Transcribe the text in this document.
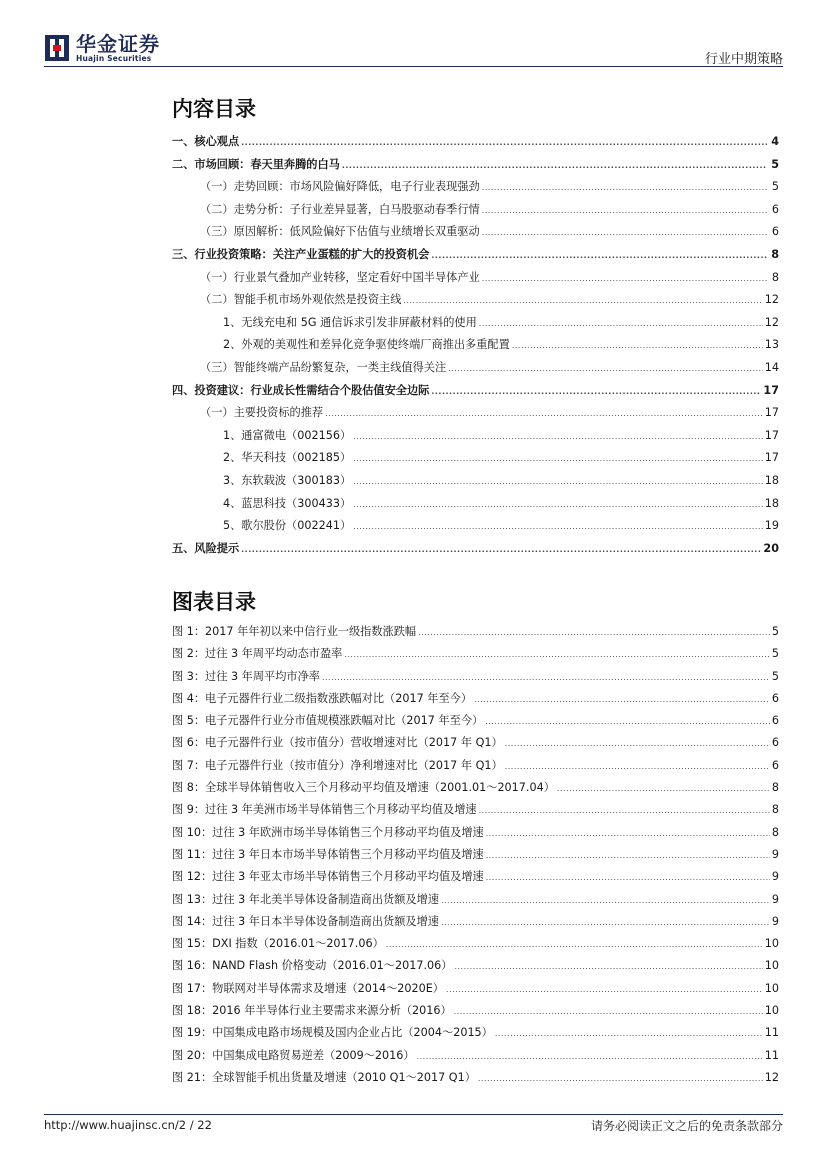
华金证券
Huajin Securities	行业中期策略
内容目录
一、核心观点 .....	4
二、市场回顾：春天里奔腾的白马 .....	5
（一）走势回顾：市场风险偏好降低，电子行业表现强劲 .....	5
（二）走势分析：子行业差异显著，白马股驱动春季行情 .....	6
（三）原因解析：低风险偏好下估值与业绩增长双重驱动 .....	6
三、行业投资策略：关注产业蛋糕的扩大的投资机会 .....	8
（一）行业景气叠加产业转移，坚定看好中国半导体产业 .....	8
（二）智能手机市场外观依然是投资主线 .....	12
1、无线充电和 5G 通信诉求引发非屏蔽材料的使用 .....	12
2、外观的美观性和差异化竞争驱使终端厂商推出多重配置 .....	13
（三）智能终端产品纷繁复杂，一类主线值得关注 .....	14
四、投资建议：行业成长性需结合个股估值安全边际 .....	17
（一）主要投资标的推荐 .....	17
1、通富微电（002156） .....	17
2、华天科技（002185） .....	17
3、东软载波（300183） .....	18
4、蓝思科技（300433） .....	18
5、歌尔股份（002241） .....	19
五、风险提示 .....	20
图表目录
图 1：2017 年年初以来中信行业一级指数涨跌幅 .....	5
图 2：过往 3 年周平均动态市盈率 .....	5
图 3：过往 3 年周平均市净率 .....	5
图 4：电子元器件行业二级指数涨跌幅对比（2017 年至今） .....	6
图 5：电子元器件行业分市值规模涨跌幅对比（2017 年至今） .....	6
图 6：电子元器件行业（按市值分）营收增速对比（2017 年 Q1） .....	6
图 7：电子元器件行业（按市值分）净利增速对比（2017 年 Q1） .....	6
图 8：全球半导体销售收入三个月移动平均值及增速（2001.01～2017.04） .....	8
图 9：过往 3 年美洲市场半导体销售三个月移动平均值及增速 .....	8
图 10：过往 3 年欧洲市场半导体销售三个月移动平均值及增速 .....	8
图 11：过往 3 年日本市场半导体销售三个月移动平均值及增速 .....	9
图 12：过往 3 年亚太市场半导体销售三个月移动平均值及增速 .....	9
图 13：过往 3 年北美半导体设备制造商出货额及增速 .....	9
图 14：过往 3 年日本半导体设备制造商出货额及增速 .....	9
图 15：DXI 指数（2016.01～2017.06） .....	10
图 16：NAND Flash 价格变动（2016.01～2017.06） .....	10
图 17：物联网对半导体需求及增速（2014～2020E） .....	10
图 18：2016 年半导体行业主要需求来源分析（2016） .....	10
图 19：中国集成电路市场规模及国内企业占比（2004～2015） .....	11
图 20：中国集成电路贸易逆差（2009～2016） .....	11
图 21：全球智能手机出货量及增速（2010 Q1～2017 Q1） .....	12
http://www.huajinsc.cn/2 / 22	请务必阅读正文之后的免责条款部分
